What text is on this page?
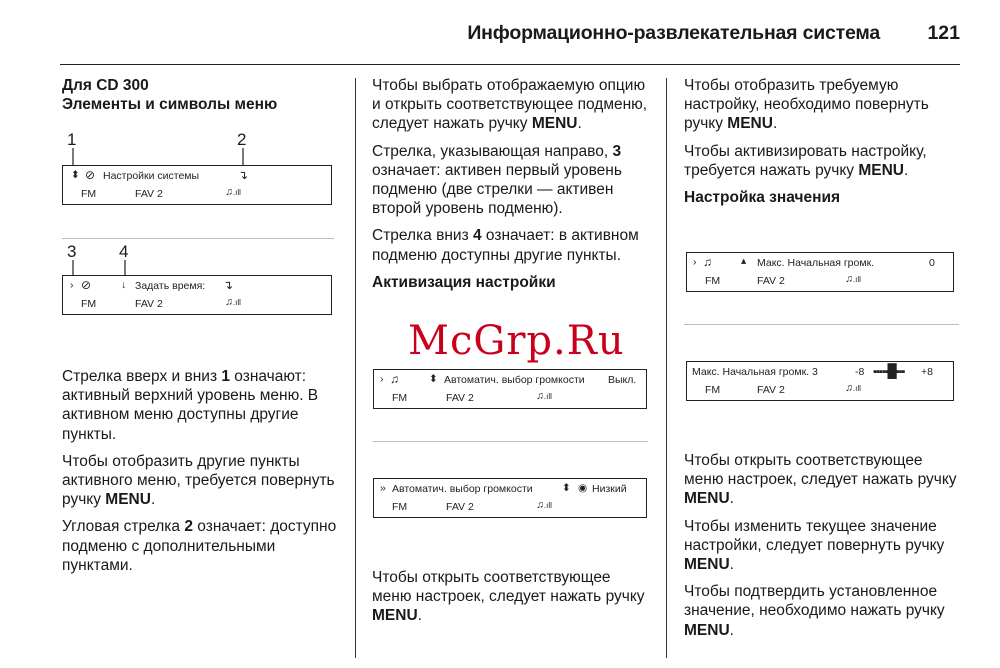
Информационно-развлекательная система 121
Для CD 300
Элементы и символы меню
1	2
⬍ ⊘ Настройки системы	↴
FM	FAV 2	♫.ıll
3	4
› ⊘	↓ Задать время: ↴
FM	FAV 2	♫.ıll

Стрелка вверх и вниз 1 означают: активный верхний уровень меню. В активном меню доступны другие пункты.

Чтобы отобразить другие пункты активного меню, требуется повернуть ручку MENU.

Угловая стрелка 2 означает: доступно подменю с дополнительными пунктами.

Чтобы выбрать отображаемую опцию и открыть соответствующее подменю, следует нажать ручку MENU.

Стрелка, указывающая направо, 3 означает: активен первый уровень подменю (две стрелки — активен второй уровень подменю).

Стрелка вниз 4 означает: в активном подменю доступны другие пункты.

Активизация настройки
› ♫	⬍ Автоматич. выбор громкости Выкл.
FM	FAV 2	♫.ıll
» Автоматич. выбор громкости	⬍ ◉ Низкий
FM	FAV 2	♫.ıll

Чтобы открыть соответствующее меню настроек, следует нажать ручку MENU.

Чтобы отобразить требуемую настройку, необходимо повернуть ручку MENU.

Чтобы активизировать настройку, требуется нажать ручку MENU.

Настройка значения
› ♫	▴ Макс. Начальная громк.	0
FM	FAV 2	♫.ıll
Макс. Начальная громк. 3	-8 ▪▪▪▪▪█▪▪▪ +8
FM	FAV 2	♫.ıll

Чтобы открыть соответствующее меню настроек, следует нажать ручку MENU.

Чтобы изменить текущее значение настройки, следует повернуть ручку MENU.

Чтобы подтвердить установленное значение, необходимо нажать ручку MENU.

McGrp.Ru
